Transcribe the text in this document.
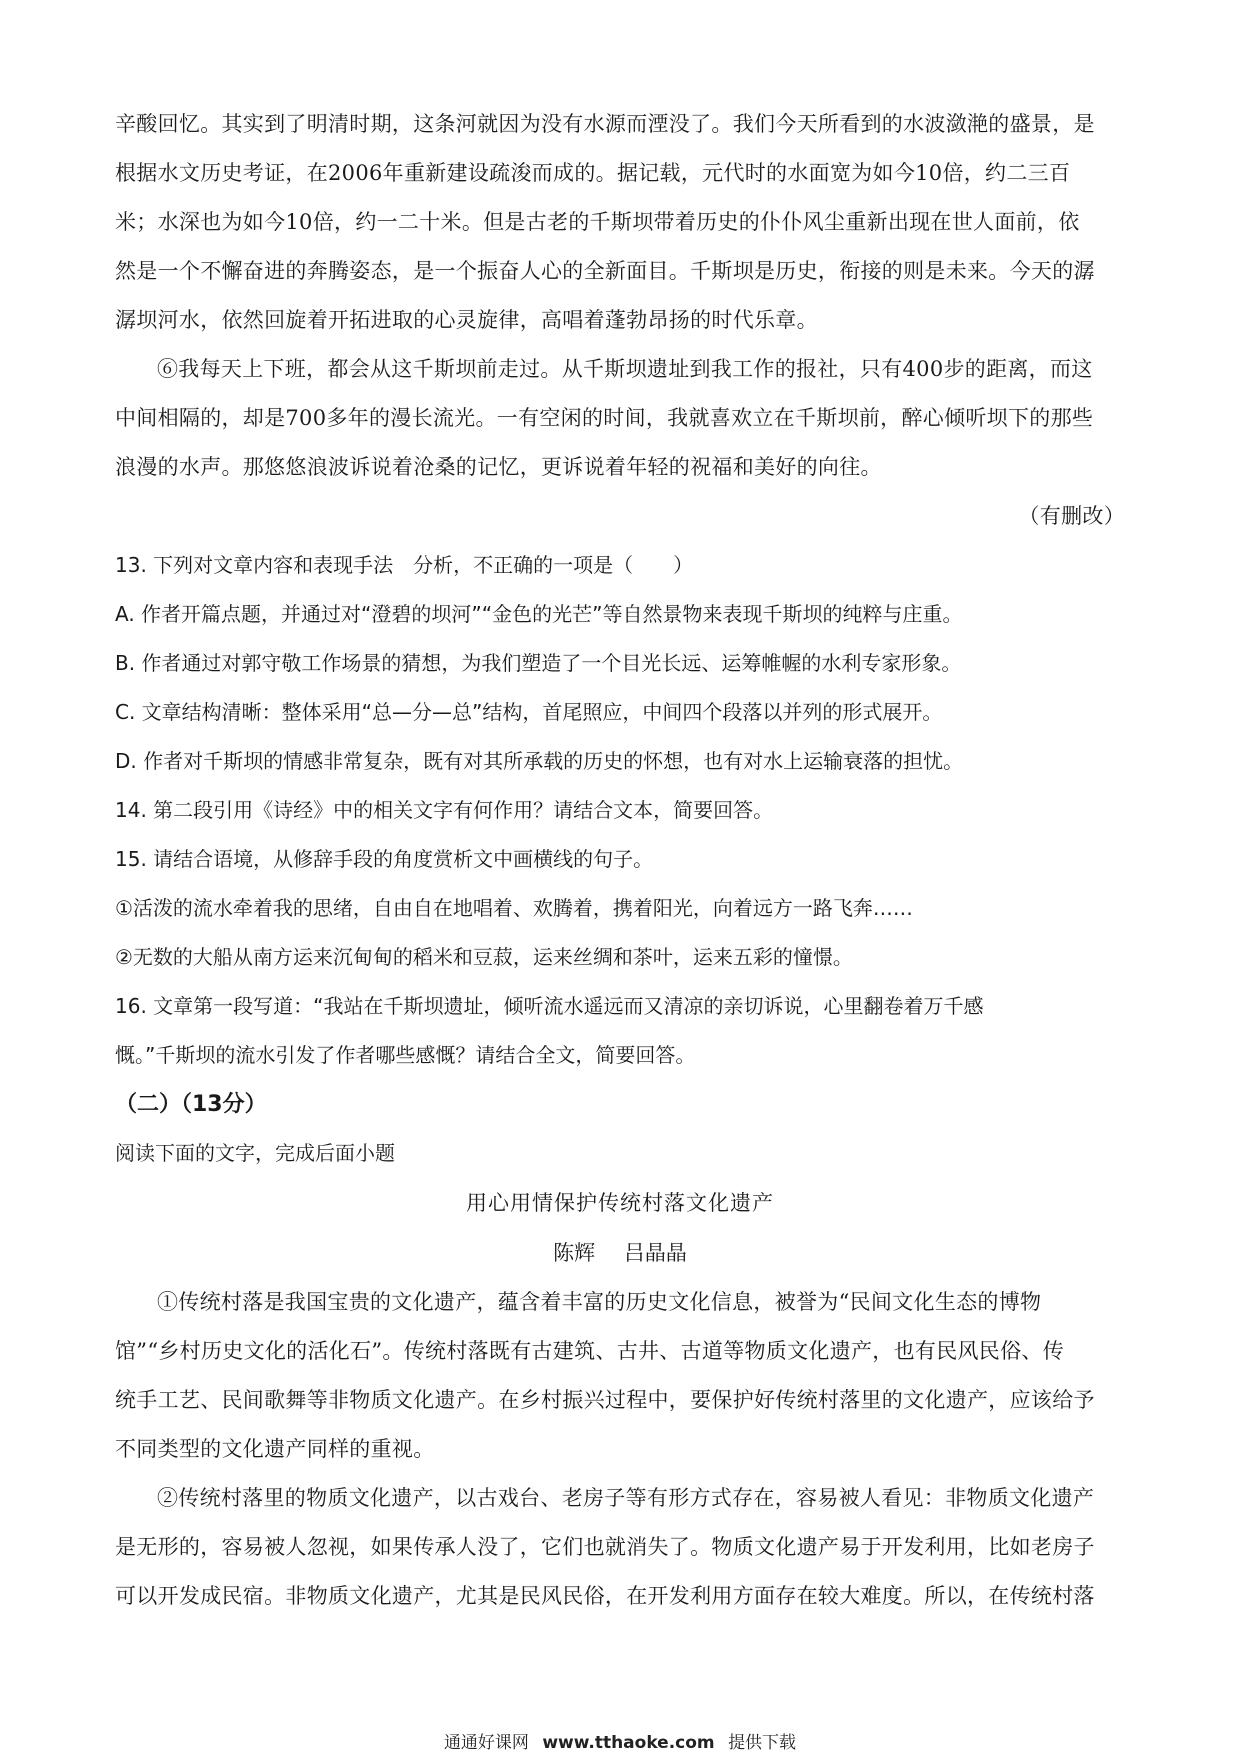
辛酸回忆。其实到了明清时期，这条河就因为没有水源而湮没了。我们今天所看到的水波潋滟的盛景，是
根据水文历史考证，在2006年重新建设疏浚而成的。据记载，元代时的水面宽为如今10倍，约二三百
米；水深也为如今10倍，约一二十米。但是古老的千斯坝带着历史的仆仆风尘重新出现在世人面前，依
然是一个不懈奋进的奔腾姿态，是一个振奋人心的全新面目。千斯坝是历史，衔接的则是未来。今天的潺
潺坝河水，依然回旋着开拓进取的心灵旋律，高唱着蓬勃昂扬的时代乐章。
⑥我每天上下班，都会从这千斯坝前走过。从千斯坝遗址到我工作的报社，只有400步的距离，而这
中间相隔的，却是700多年的漫长流光。一有空闲的时间，我就喜欢立在千斯坝前，醉心倾听坝下的那些
浪漫的水声。那悠悠浪波诉说着沧桑的记忆，更诉说着年轻的祝福和美好的向往。
（有删改）
13. 下列对文章内容和表现手法　分析，不正确的一项是（　　）
A. 作者开篇点题，并通过对“澄碧的坝河”“金色的光芒”等自然景物来表现千斯坝的纯粹与庄重。
B. 作者通过对郭守敬工作场景的猜想，为我们塑造了一个目光长远、运筹帷幄的水利专家形象。
C. 文章结构清晰：整体采用“总—分—总”结构，首尾照应，中间四个段落以并列的形式展开。
D. 作者对千斯坝的情感非常复杂，既有对其所承载的历史的怀想，也有对水上运输衰落的担忧。
14. 第二段引用《诗经》中的相关文字有何作用？请结合文本，简要回答。
15. 请结合语境，从修辞手段的角度赏析文中画横线的句子。
①活泼的流水牵着我的思绪，自由自在地唱着、欢腾着，携着阳光，向着远方一路飞奔……
②无数的大船从南方运来沉甸甸的稻米和豆菽，运来丝绸和茶叶，运来五彩的憧憬。
16. 文章第一段写道：“我站在千斯坝遗址，倾听流水遥远而又清凉的亲切诉说，心里翻卷着万千感
慨。”千斯坝的流水引发了作者哪些感慨？请结合全文，简要回答。
（二）（13分）
阅读下面的文字，完成后面小题
用心用情保护传统村落文化遗产
陈辉 吕晶晶
①传统村落是我国宝贵的文化遗产，蕴含着丰富的历史文化信息，被誉为“民间文化生态的博物
馆”“乡村历史文化的活化石”。传统村落既有古建筑、古井、古道等物质文化遗产，也有民风民俗、传
统手工艺、民间歌舞等非物质文化遗产。在乡村振兴过程中，要保护好传统村落里的文化遗产，应该给予
不同类型的文化遗产同样的重视。
②传统村落里的物质文化遗产，以古戏台、老房子等有形方式存在，容易被人看见：非物质文化遗产
是无形的，容易被人忽视，如果传承人没了，它们也就消失了。物质文化遗产易于开发利用，比如老房子
可以开发成民宿。非物质文化遗产，尤其是民风民俗，在开发利用方面存在较大难度。所以，在传统村落
通通好课网 www.tthaoke.com 提供下载
